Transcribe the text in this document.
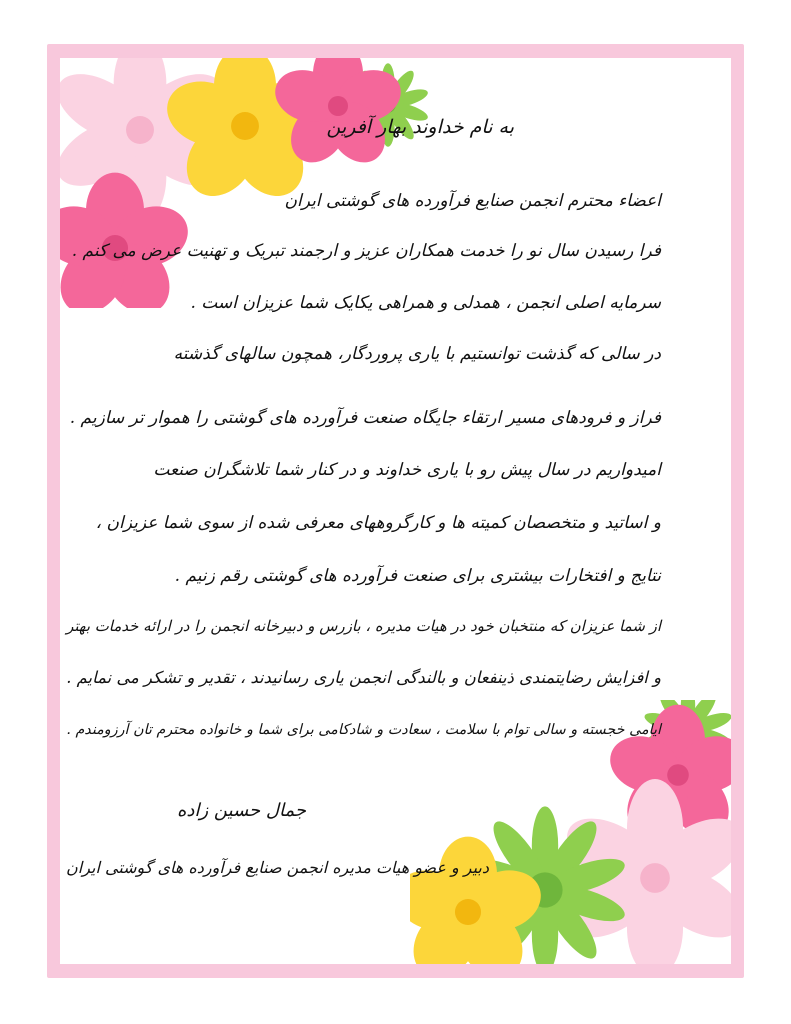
به نام خداوند بهار آفرین
اعضاء محترم انجمن صنایع فرآورده های گوشتی ایران
فرا رسیدن سال نو را خدمت همکاران عزیز و ارجمند تبریک و تهنیت عرض می کنم .
سرمایه اصلی انجمن ، همدلی و همراهی یکایک شما عزیزان است .
در سالی که گذشت توانستیم با یاری پروردگار، همچون سالهای گذشته
فراز و فرودهای مسیر ارتقاء جایگاه صنعت فرآورده های گوشتی را هموار تر سازیم .
امیدواریم در سال پیش رو با یاری خداوند و در کنار شما تلاشگران صنعت
و اساتید و متخصصان کمیته ها و کارگروههای معرفی شده از سوی شما عزیزان ،
نتایج و افتخارات بیشتری برای صنعت فرآورده های گوشتی رقم زنیم .
از شما عزیزان که منتخبان خود در هیات مدیره ، بازرس و دبیرخانه انجمن را در ارائه خدمات بهتر
و افزایش رضایتمندی ذینفعان و بالندگی انجمن یاری رسانیدند ، تقدیر و تشکر می نمایم .
ایامی خجسته و سالی توام با سلامت ، سعادت و شادکامی برای شما و خانواده محترم تان آرزومندم .
جمال حسین زاده
دبیر و عضو هیات مدیره انجمن صنایع فرآورده های گوشتی ایران
